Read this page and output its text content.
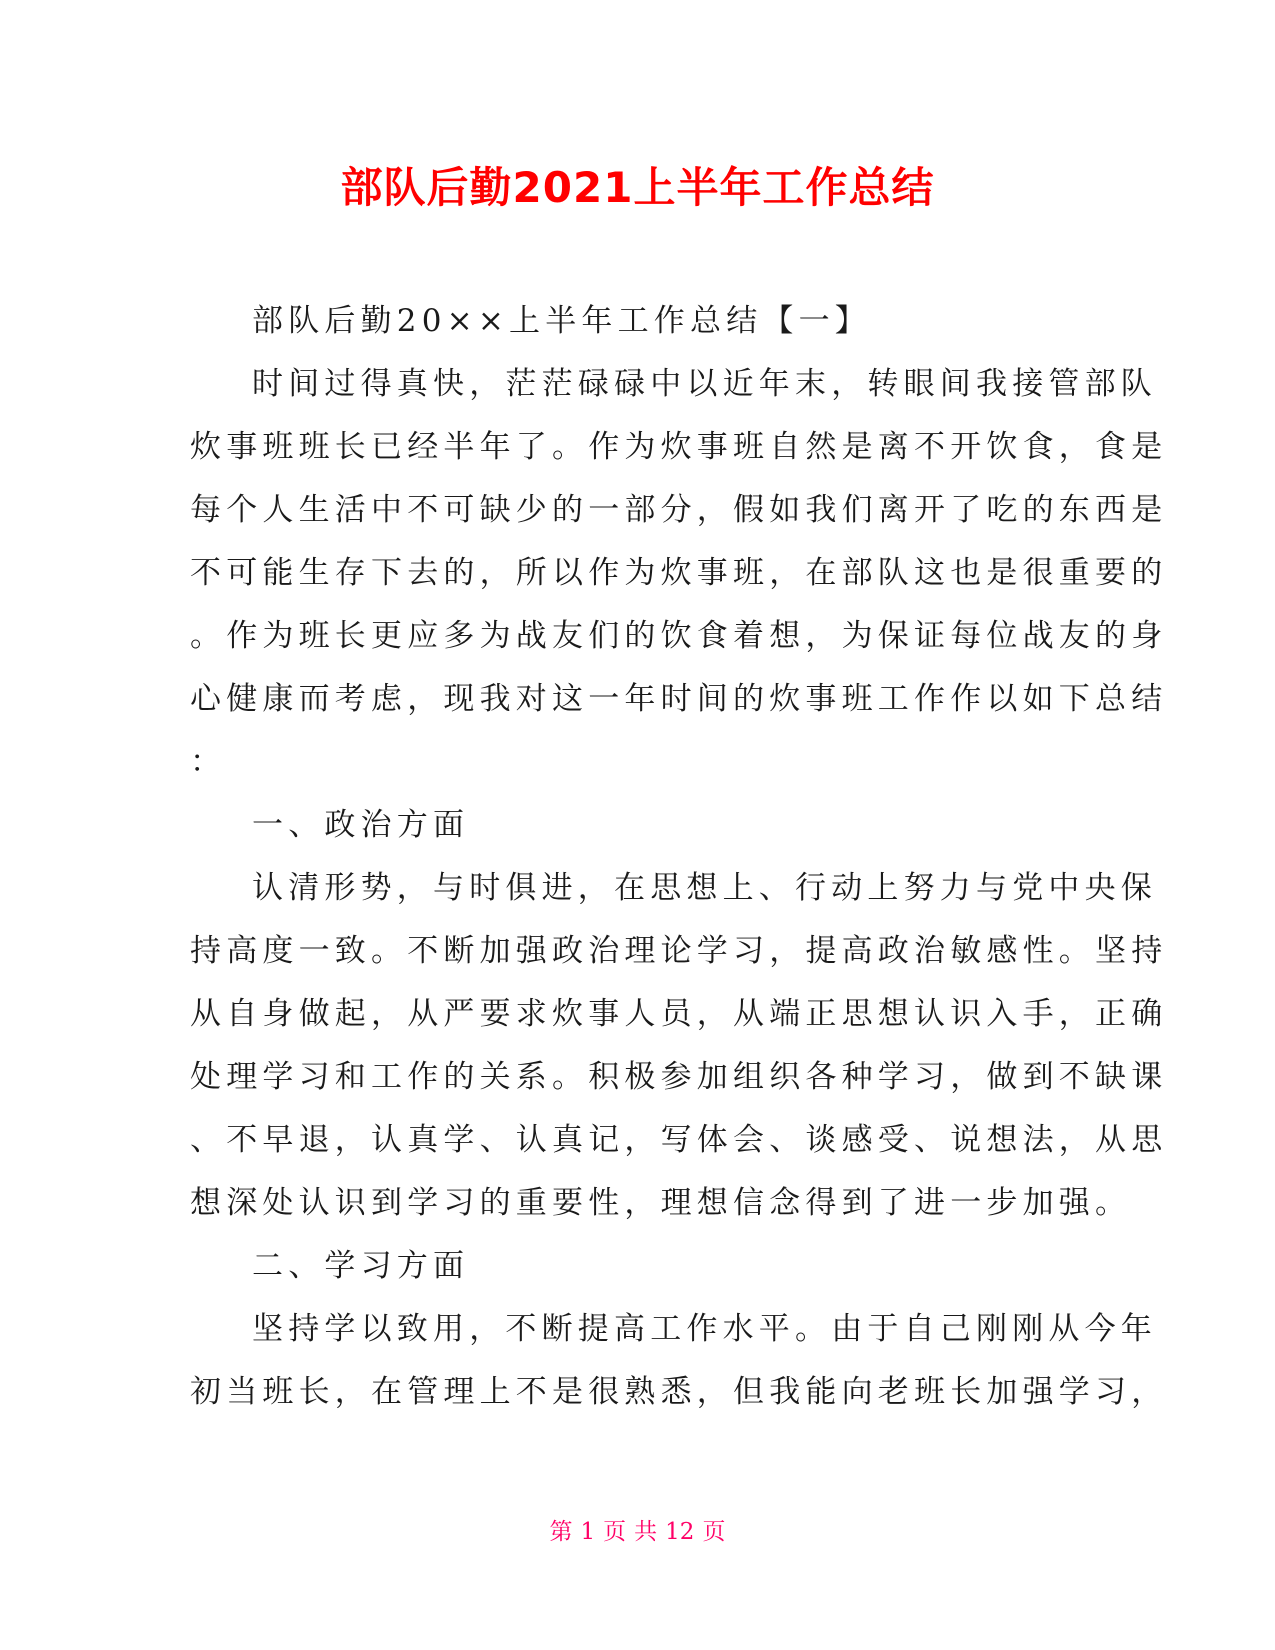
部队后勤2021上半年工作总结
部队后勤20××上半年工作总结【一】
时间过得真快，茫茫碌碌中以近年末，转眼间我接管部队
炊事班班长已经半年了。作为炊事班自然是离不开饮食，食是
每个人生活中不可缺少的一部分，假如我们离开了吃的东西是
不可能生存下去的，所以作为炊事班，在部队这也是很重要的
。作为班长更应多为战友们的饮食着想，为保证每位战友的身
心健康而考虑，现我对这一年时间的炊事班工作作以如下总结
：
一、政治方面
认清形势，与时俱进，在思想上、行动上努力与党中央保
持高度一致。不断加强政治理论学习，提高政治敏感性。坚持
从自身做起，从严要求炊事人员，从端正思想认识入手，正确
处理学习和工作的关系。积极参加组织各种学习，做到不缺课
、不早退，认真学、认真记，写体会、谈感受、说想法，从思
想深处认识到学习的重要性，理想信念得到了进一步加强。
二、学习方面
坚持学以致用，不断提高工作水平。由于自己刚刚从今年
初当班长，在管理上不是很熟悉，但我能向老班长加强学习，
第 1 页 共 12 页
